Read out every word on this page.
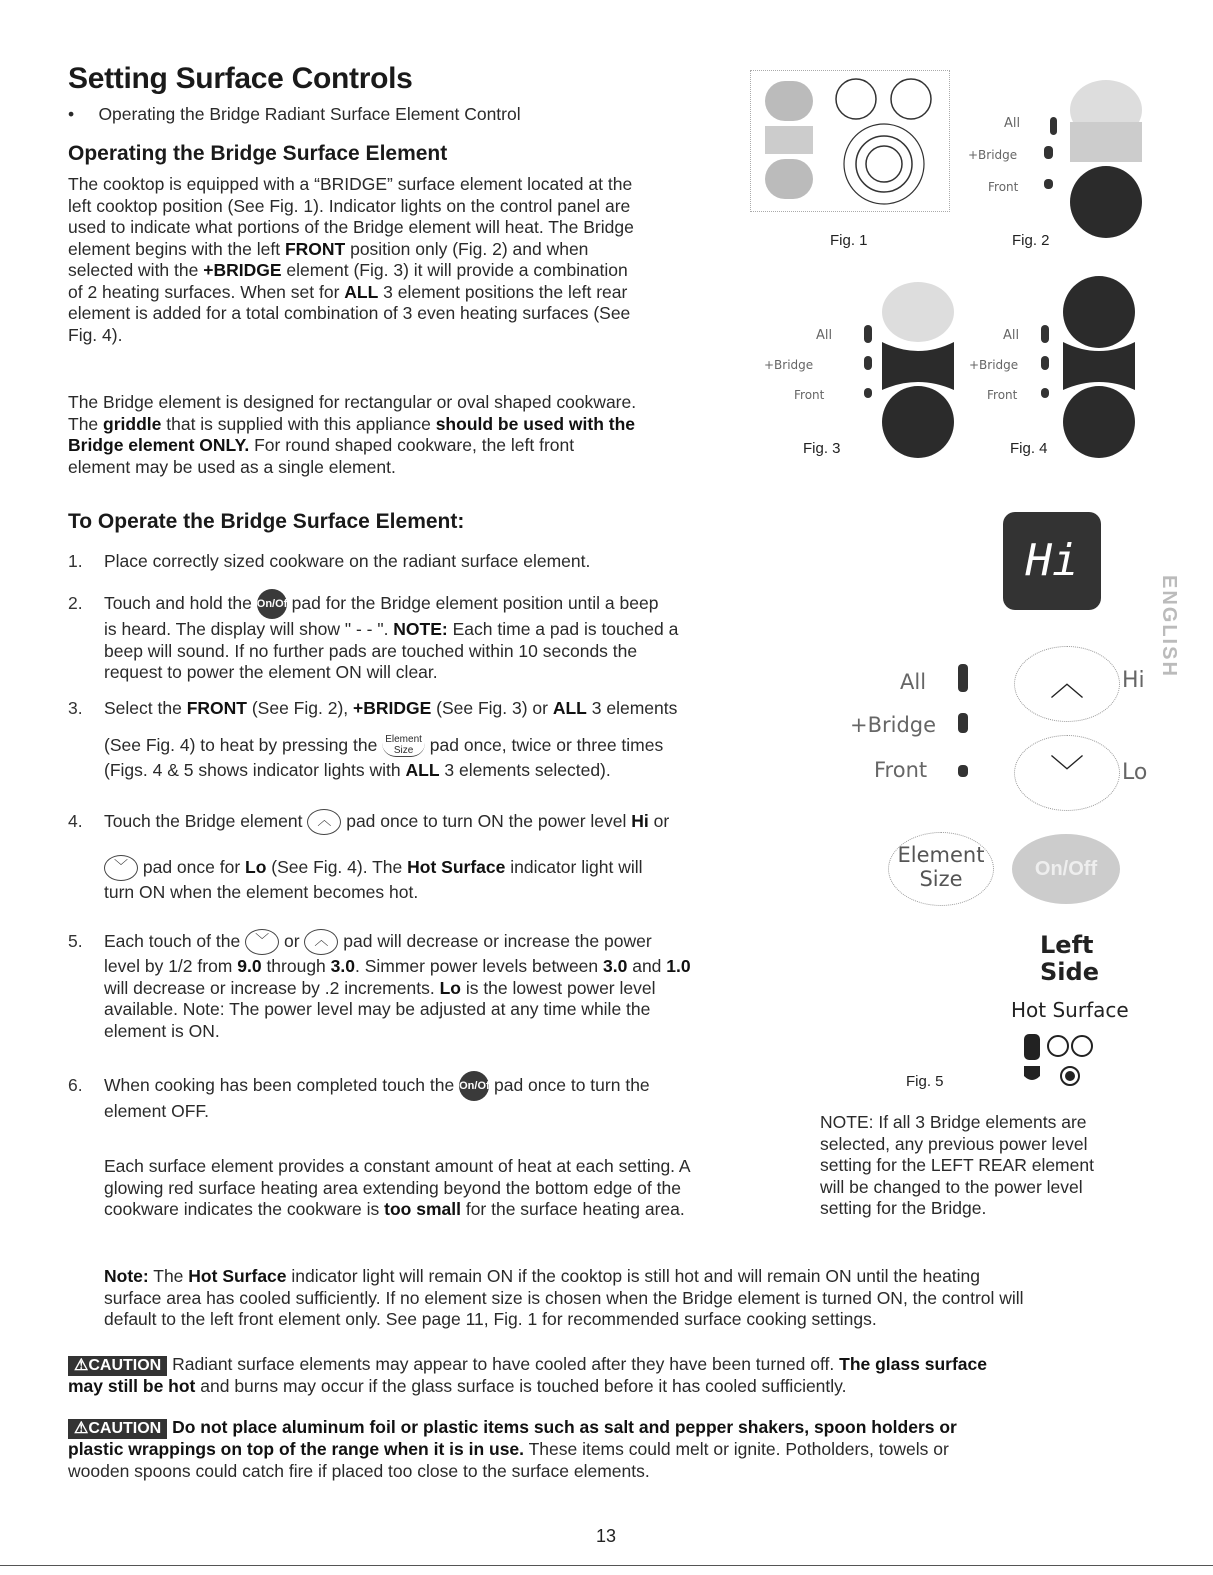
Setting Surface Controls
•     Operating the Bridge Radiant Surface Element Control
Operating the Bridge Surface Element
The cooktop is equipped with a “BRIDGE” surface element located at the
left cooktop position (See Fig. 1). Indicator lights on the control panel are
used to indicate what portions of the Bridge element will heat. The Bridge
element begins with the left FRONT position only (Fig. 2) and when
selected with the +BRIDGE element (Fig. 3) it will provide a combination
of 2 heating surfaces. When set for ALL 3 element positions the left rear
element is added for a total combination of 3 even heating surfaces (See
Fig. 4).
The Bridge element is designed for rectangular or oval shaped cookware.
The griddle that is supplied with this appliance should be used with the
Bridge element ONLY. For round shaped cookware, the left front
element may be used as a single element.
To Operate the Bridge Surface Element:
1. Place correctly sized cookware on the radiant surface element.
2. Touch and hold the On/Off pad for the Bridge element position until a beep
is heard. The display will show " - - ". NOTE: Each time a pad is touched a
beep will sound. If no further pads are touched within 10 seconds the
request to power the element ON will clear.
3. Select the FRONT (See Fig. 2), +BRIDGE (See Fig. 3) or ALL 3 elements
(See Fig. 4) to heat by pressing the Element
Size pad once, twice or three times
(Figs. 4 & 5 shows indicator lights with ALL 3 elements selected).
4. Touch the Bridge element ︿ pad once to turn ON the power level Hi or
﹀ pad once for Lo (See Fig. 4). The Hot Surface indicator light will
turn ON when the element becomes hot.
5. Each touch of the ﹀ or ︿ pad will decrease or increase the power
level by 1/2 from 9.0 through 3.0. Simmer power levels between 3.0 and 1.0
will decrease or increase by .2 increments. Lo is the lowest power level
available. Note: The power level may be adjusted at any time while the
element is ON.
6. When cooking has been completed touch the On/Off pad once to turn the
element OFF.
Each surface element provides a constant amount of heat at each setting. A
glowing red surface heating area extending beyond the bottom edge of the
cookware indicates the cookware is too small for the surface heating area.
Fig. 1
All
+Bridge
Front
Fig. 2
All
+Bridge
Front
Fig. 3
All
+Bridge
Front
Fig. 4
Hi
ENGLISH
All
+Bridge
Front
︿	Hi
﹀	Lo
Element
Size	On/Off
Left
Side
Hot Surface
Fig. 5
NOTE: If all 3 Bridge elements are
selected, any previous power level
setting for the LEFT REAR element
will be changed to the power level
setting for the Bridge.
Note: The Hot Surface indicator light will remain ON if the cooktop is still hot and will remain ON until the heating
surface area has cooled sufficiently. If no element size is chosen when the Bridge element is turned ON, the control will
default to the left front element only. See page 11, Fig. 1 for recommended surface cooking settings.
⚠CAUTION Radiant surface elements may appear to have cooled after they have been turned off. The glass surface
may still be hot and burns may occur if the glass surface is touched before it has cooled sufficiently.
⚠CAUTION Do not place aluminum foil or plastic items such as salt and pepper shakers, spoon holders or
plastic wrappings on top of the range when it is in use. These items could melt or ignite. Potholders, towels or
wooden spoons could catch fire if placed too close to the surface elements.
13
